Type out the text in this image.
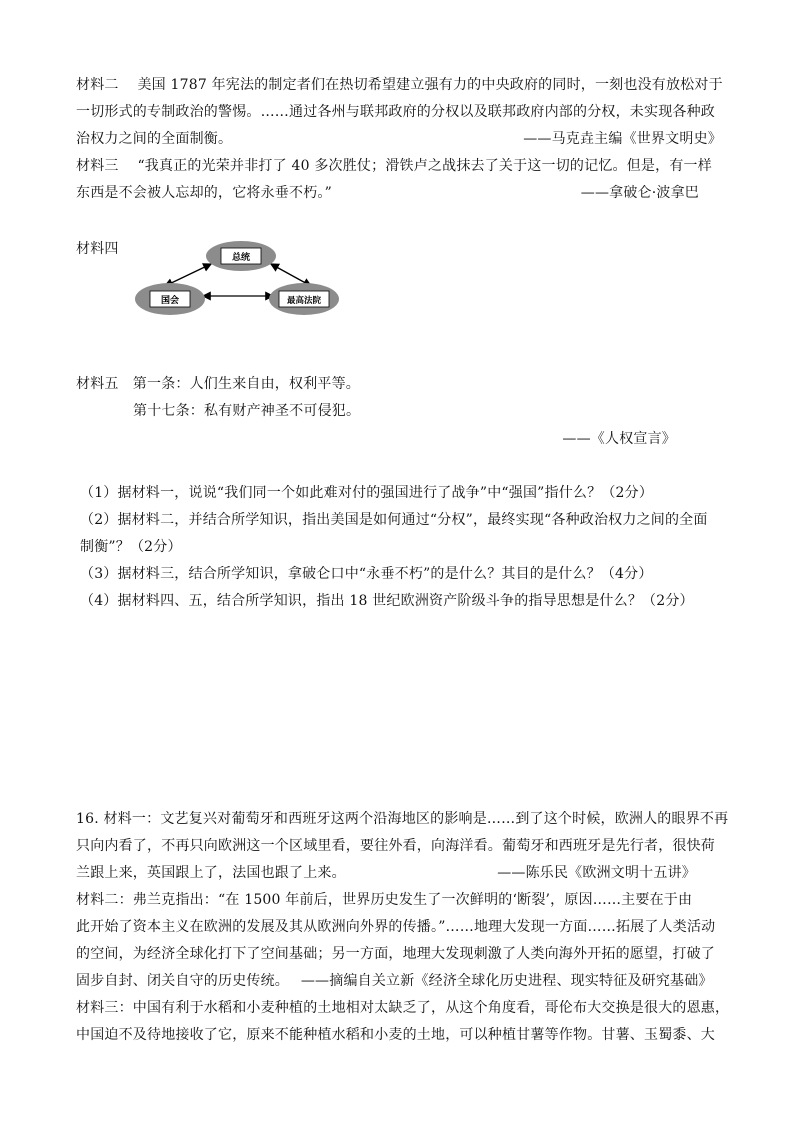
材料二　 美国 1787 年宪法的制定者们在热切希望建立强有力的中央政府的同时，一刻也没有放松对于
一切形式的专制政治的警惕。……通过各州与联邦政府的分权以及联邦政府内部的分权，未实现各种政
治权力之间的全面制衡。	——马克垚主编《世界文明史》
材料三　 “我真正的光荣并非打了 40 多次胜仗；滑铁卢之战抹去了关于这一切的记忆。但是，有一样
东西是不会被人忘却的，它将永垂不朽。”	——拿破仑·波拿巴
材料四
总统
国会	最高法院
材料五　第一条：人们生来自由，权利平等。
第十七条：私有财产神圣不可侵犯。
——《人权宣言》
（1）据材料一，说说“我们同一个如此难对付的强国进行了战争”中“强国”指什么？（2分）
（2）据材料二，并结合所学知识，指出美国是如何通过“分权”，最终实现“各种政治权力之间的全面
制衡”？（2分）
（3）据材料三，结合所学知识，拿破仑口中“永垂不朽”的是什么？其目的是什么？（4分）
（4）据材料四、五，结合所学知识，指出 18 世纪欧洲资产阶级斗争的指导思想是什么？（2分）
16. 材料一：文艺复兴对葡萄牙和西班牙这两个沿海地区的影响是……到了这个时候，欧洲人的眼界不再
只向内看了，不再只向欧洲这一个区域里看，要往外看，向海洋看。葡萄牙和西班牙是先行者，很快荷
兰跟上来，英国跟上了，法国也跟了上来。	——陈乐民《欧洲文明十五讲》
材料二：弗兰克指出：“在 1500 年前后，世界历史发生了一次鲜明的‘断裂’，原因……主要在于由
此开始了资本主义在欧洲的发展及其从欧洲向外界的传播。”……地理大发现一方面……拓展了人类活动
的空间，为经济全球化打下了空间基础；另一方面，地理大发现刺激了人类向海外开拓的愿望，打破了
固步自封、闭关自守的历史传统。　 ——摘编自关立新《经济全球化历史进程、现实特征及研究基础》
材料三：中国有利于水稻和小麦种植的土地相对太缺乏了，从这个角度看，哥伦布大交换是很大的恩惠，
中国迫不及待地接收了它，原来不能种植水稻和小麦的土地，可以种植甘薯等作物。甘薯、玉蜀黍、大
